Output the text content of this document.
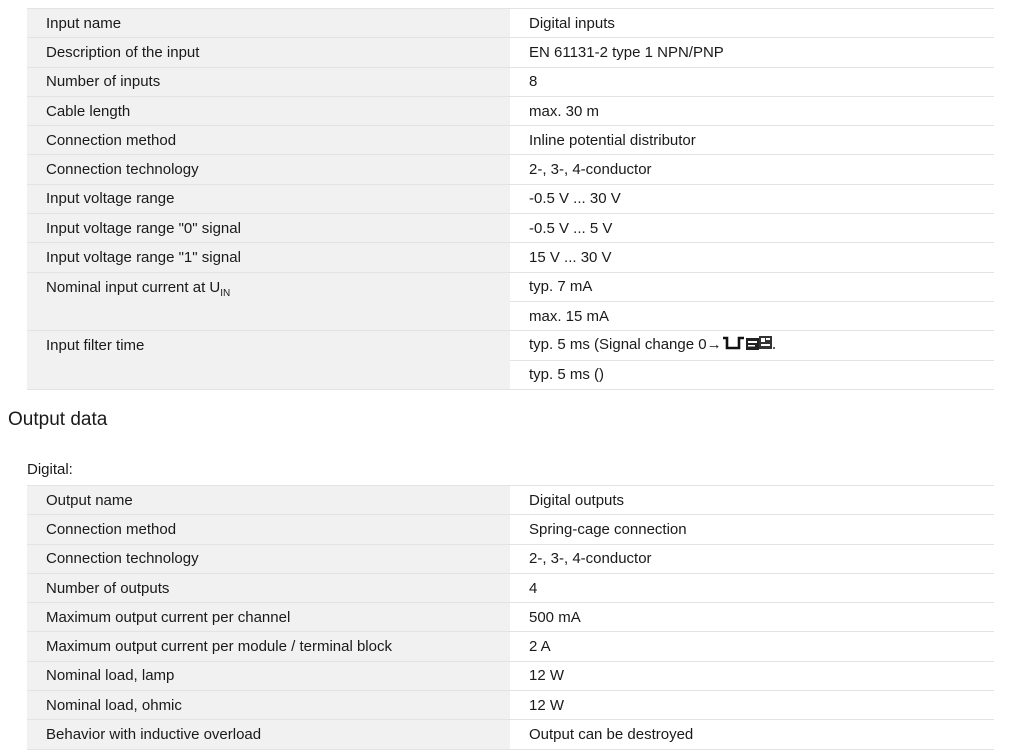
Input name	Digital inputs
Description of the input	EN 61131-2 type 1 NPN/PNP
Number of inputs	8
Cable length	max. 30 m
Connection method	Inline potential distributor
Connection technology	2-, 3-, 4-conductor
Input voltage range	-0.5 V ... 30 V
Input voltage range "0" signal	-0.5 V ... 5 V
Input voltage range "1" signal	15 V ... 30 V
Nominal input current at $U_{IN}$	typ. 7 mA
	max. 15 mA
Input filter time	typ. 5 ms (Signal change 0→
	typ. 5 ms ()
Output data
Digital:
Output name	Digital outputs
Connection method	Spring-cage connection
Connection technology	2-, 3-, 4-conductor
Number of outputs	4
Maximum output current per channel	500 mA
Maximum output current per module / terminal block	2 A
Nominal load, lamp	12 W
Nominal load, ohmic	12 W
Behavior with inductive overload	Output can be destroyed
